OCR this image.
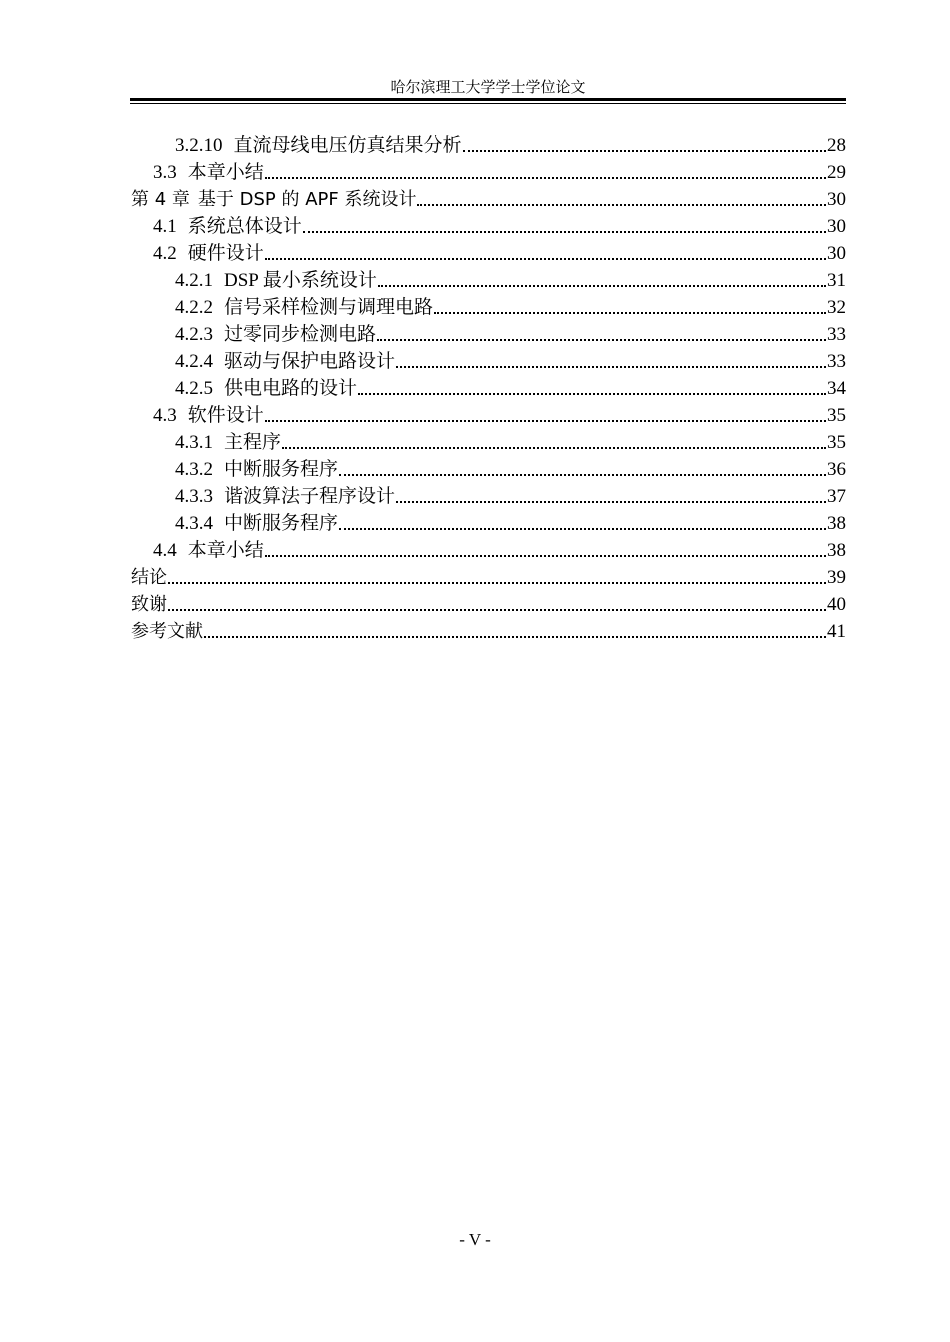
哈尔滨理工大学学士学位论文
3.2.10 直流母线电压仿真结果分析	28
3.3 本章小结	29
第 4 章 基于 DSP 的 APF 系统设计	30
4.1 系统总体设计	30
4.2 硬件设计	30
4.2.1 DSP 最小系统设计	31
4.2.2 信号采样检测与调理电路	32
4.2.3 过零同步检测电路	33
4.2.4 驱动与保护电路设计	33
4.2.5 供电电路的设计	34
4.3 软件设计	35
4.3.1 主程序	35
4.3.2 中断服务程序	36
4.3.3 谐波算法子程序设计	37
4.3.4 中断服务程序	38
4.4 本章小结	38
结论	39
致谢	40
参考文献	41
- V -
